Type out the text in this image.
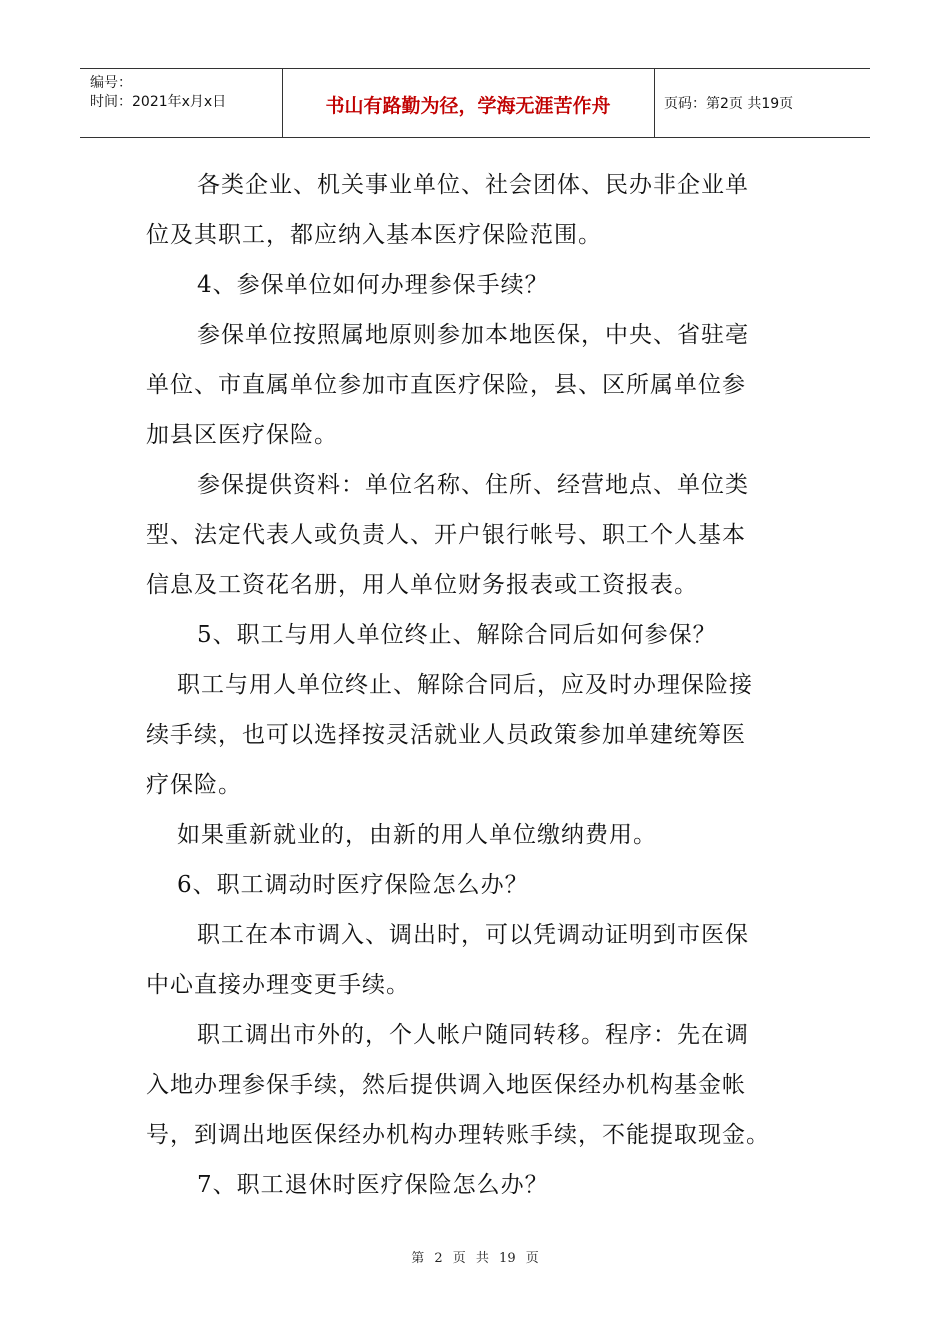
编号：
时间：2021年x月x日	书山有路勤为径，学海无涯苦作舟	页码：第2页 共19页

各类企业、机关事业单位、社会团体、民办非企业单

位及其职工，都应纳入基本医疗保险范围。

4、参保单位如何办理参保手续？

参保单位按照属地原则参加本地医保，中央、省驻亳

单位、市直属单位参加市直医疗保险，县、区所属单位参

加县区医疗保险。

参保提供资料：单位名称、住所、经营地点、单位类

型、法定代表人或负责人、开户银行帐号、职工个人基本

信息及工资花名册，用人单位财务报表或工资报表。

5、职工与用人单位终止、解除合同后如何参保？

职工与用人单位终止、解除合同后，应及时办理保险接

续手续，也可以选择按灵活就业人员政策参加单建统筹医

疗保险。

如果重新就业的，由新的用人单位缴纳费用。

6、职工调动时医疗保险怎么办？

职工在本市调入、调出时，可以凭调动证明到市医保

中心直接办理变更手续。

职工调出市外的，个人帐户随同转移。程序：先在调

入地办理参保手续，然后提供调入地医保经办机构基金帐

号，到调出地医保经办机构办理转账手续，不能提取现金。

7、职工退休时医疗保险怎么办？

第 2 页 共 19 页
